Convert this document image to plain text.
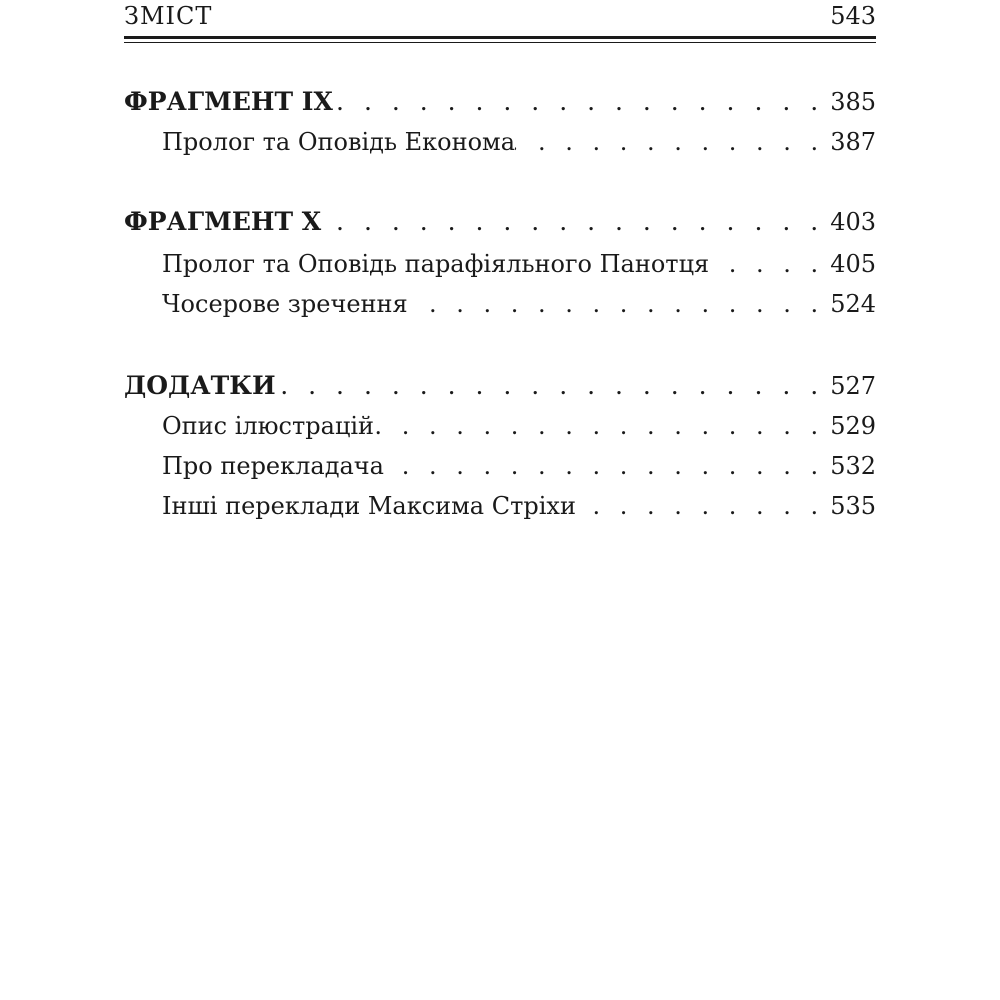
ЗМІСТ	543
ФРАГМЕНТ IX . . .	385
Пролог та Оповідь Економа . . .	387
ФРАГМЕНТ X . . .	403
Пролог та Оповідь парафіяльного Панотця . . .	405
Чосерове зречення . . .	524
ДОДАТКИ . . .	527
Опис ілюстрацій . . .	529
Про перекладача . . .	532
Інші переклади Максима Стріхи . . .	535
